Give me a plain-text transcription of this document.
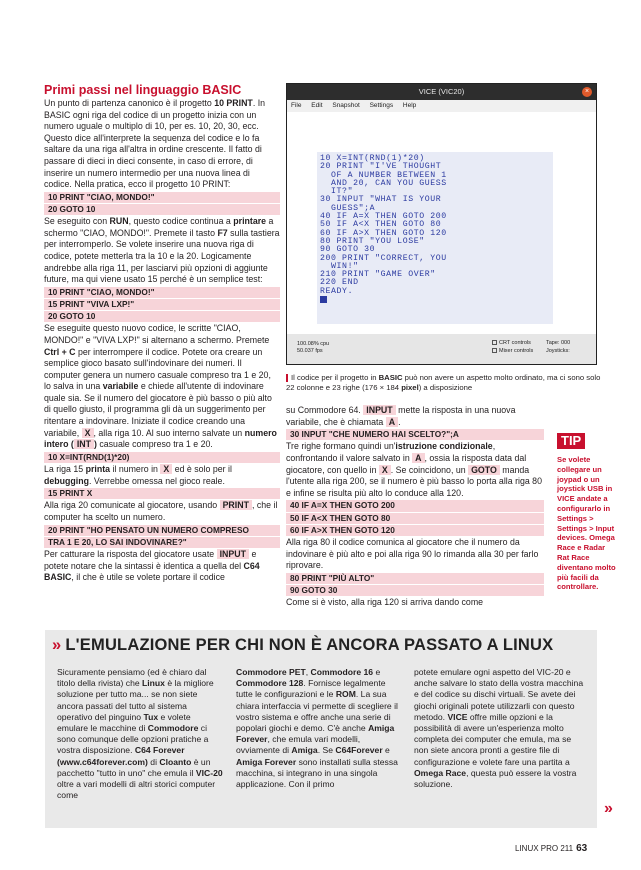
Primi passi nel linguaggio BASIC

Un punto di partenza canonico è il progetto 10 PRINT. In BASIC ogni riga del codice di un progetto inizia con un numero uguale o multiplo di 10, per es. 10, 20, 30, ecc. Questo dice all'interprete la sequenza del codice e lo fa saltare da una riga all'altra in ordine crescente. Il fatto di passare di dieci in dieci consente, in caso di errore, di inserire un numero intermedio per una nuova linea di codice. Nella pratica, ecco il progetto 10 PRINT:

10 PRINT "CIAO, MONDO!"
20 GOTO 10

Se eseguito con RUN, questo codice continua a printare a schermo "CIAO, MONDO!". Premete il tasto F7 sulla tastiera per interromperlo. Se volete inserire una nuova riga di codice, potete metterla tra la 10 e la 20. Logicamente andrebbe alla riga 11, per lasciarvi più opzioni di aggiunte future, ma qui viene usato 15 perché è un semplice test:

10 PRINT "CIAO, MONDO!"
15 PRINT "VIVA LXP!"
20 GOTO 10

Se eseguite questo nuovo codice, le scritte "CIAO, MONDO!" e "VIVA LXP!" si alternano a schermo. Premete Ctrl + C per interrompere il codice. Potete ora creare un semplice gioco basato sull'indovinare dei numeri. Il computer genera un numero casuale compreso tra 1 e 20, lo salva in una variabile e chiede all'utente di indovinare quale sia. Se il numero del giocatore è più basso o più alto di quello giusto, il programma gli dà un suggerimento per ritentare a indovinare. Iniziate il codice creando una variabile, X , alla riga 10. Al suo interno salvate un numero intero ( INT ) casuale compreso tra 1 e 20.

10 X=INT(RND(1)*20)

La riga 15 printa il numero in X ed è solo per il debugging. Verrebbe omessa nel gioco reale.

15 PRINT X

Alla riga 20 comunicate al giocatore, usando PRINT , che il computer ha scelto un numero.

20 PRINT "HO PENSATO UN NUMERO COMPRESO
TRA 1 E 20, LO SAI INDOVINARE?"

Per catturare la risposta del giocatore usate INPUT e potete notare che la sintassi è identica a quella del C64 BASIC, il che è utile se volete portare il codice

su Commodore 64. INPUT mette la risposta in una nuova variabile, che è chiamata A .

30 INPUT "CHE NUMERO HAI SCELTO?";A

Tre righe formano quindi un'istruzione condizionale, confrontando il valore salvato in A , ossia la risposta data dal giocatore, con quello in X . Se coincidono, un GOTO manda l'utente alla riga 200, se il numero è più basso lo porta alla riga 80 e infine se risulta più alto lo conduce alla 120.

40 IF A=X THEN GOTO 200
50 IF A<X THEN GOTO 80
60 IF A>X THEN GOTO 120

Alla riga 80 il codice comunica al giocatore che il numero da indovinare è più alto e poi alla riga 90 lo rimanda alla 30 per farlo riprovare.

80 PRINT "PIÙ ALTO"
90 GOTO 30

Come si è visto, alla riga 120 si arriva dando come

VICE (VIC20)	×
File Edit Snapshot Settings Help
10 X=INT(RND(1)*20)
20 PRINT "I'VE THOUGHT
OF A NUMBER BETWEEN 1
AND 20, CAN YOU GUESS
IT?"
30 INPUT "WHAT IS YOUR
GUESS";A
40 IF A=X THEN GOTO 200
50 IF A<X THEN GOTO 80
60 IF A>X THEN GOTO 120
80 PRINT "YOU LOSE"
90 GOTO 30
200 PRINT "CORRECT, YOU
WIN!"
210 PRINT "GAME OVER"
220 END
READY.
100.08% cpu
50.037 fps
CRT controls
Mixer controls
Tape: 000
Joysticks:
Il codice per il progetto in BASIC può non avere un aspetto molto ordinato, ma ci sono solo 22 colonne e 23 righe (176 × 184 pixel) a disposizione
TIP
Se volete collegare un joypad o un joystick USB in VICE andate a configurarlo in Settings > Settings > Input devices. Omega Race e Radar Rat Race diventano molto più facili da controllare.
» L'EMULAZIONE PER CHI NON È ANCORA PASSATO A LINUX
Sicuramente pensiamo (ed è chiaro dal titolo della rivista) che Linux è la migliore soluzione per tutto ma... se non siete ancora passati del tutto al sistema operativo del pinguino Tux e volete emulare le macchine di Commodore ci sono comunque delle opzioni pratiche a vostra disposizione. C64 Forever (www.c64forever.com) di Cloanto è un pacchetto "tutto in uno" che emula il VIC-20 oltre a vari modelli di altri storici computer come
Commodore PET, Commodore 16 e Commodore 128. Fornisce legalmente tutte le configurazioni e le ROM. La sua chiara interfaccia vi permette di scegliere il vostro sistema e offre anche una serie di popolari giochi e demo. C'è anche Amiga Forever, che emula vari modelli, ovviamente di Amiga. Se C64Forever e Amiga Forever sono installati sulla stessa macchina, si integrano in una singola applicazione. Con il primo
potete emulare ogni aspetto del VIC-20 e anche salvare lo stato della vostra macchina e del codice su dischi virtuali. Se avete dei giochi originali potete utilizzarli con questo metodo. VICE offre mille opzioni e la possibilità di avere un'esperienza molto completa dei computer che emula, ma se non siete ancora pronti a gestire file di configurazione e volete fare una partita a Omega Race, questa può essere la vostra soluzione.
»
LINUX PRO 211 63
